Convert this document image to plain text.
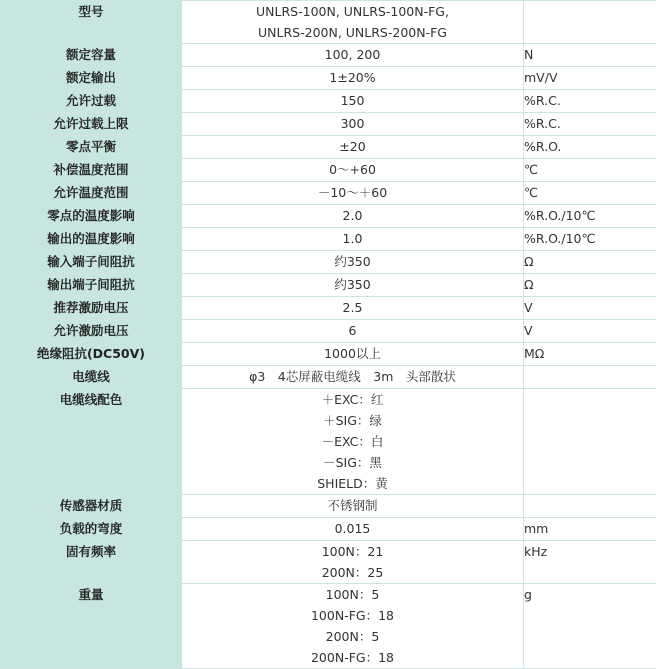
型号	UNLRS-100N, UNLRS-100N-FG,
UNLRS-200N, UNLRS-200N-FG	

额定容量	100, 200	N
额定输出	1±20%	mV/V
允许过载	150	%R.C.
允许过载上限	300	%R.C.
零点平衡	±20	%R.O.
补偿温度范围	0～+60	℃
允许温度范围	－10～＋60	℃
零点的温度影响	2.0	%R.O./10℃
输出的温度影响	1.0	%R.O./10℃
输入端子间阻抗	约350	Ω
输出端子间阻抗	约350	Ω
推荐激励电压	2.5	V
允许激励电压	6	V
绝缘阻抗(DC50V)	1000以上	MΩ
电缆线	φ3　4芯屏蔽电缆线　3m　头部散状	

电缆线配色	＋EXC：红
＋SIG：绿
－EXC：白
－SIG：黑
SHIELD：黄	

传感器材质	不锈钢制	

负载的弯度	0.015	mm
固有频率	100N：21
200N：25	kHz
重量	100N：5
100N-FG：18
200N：5
200N-FG：18	g
